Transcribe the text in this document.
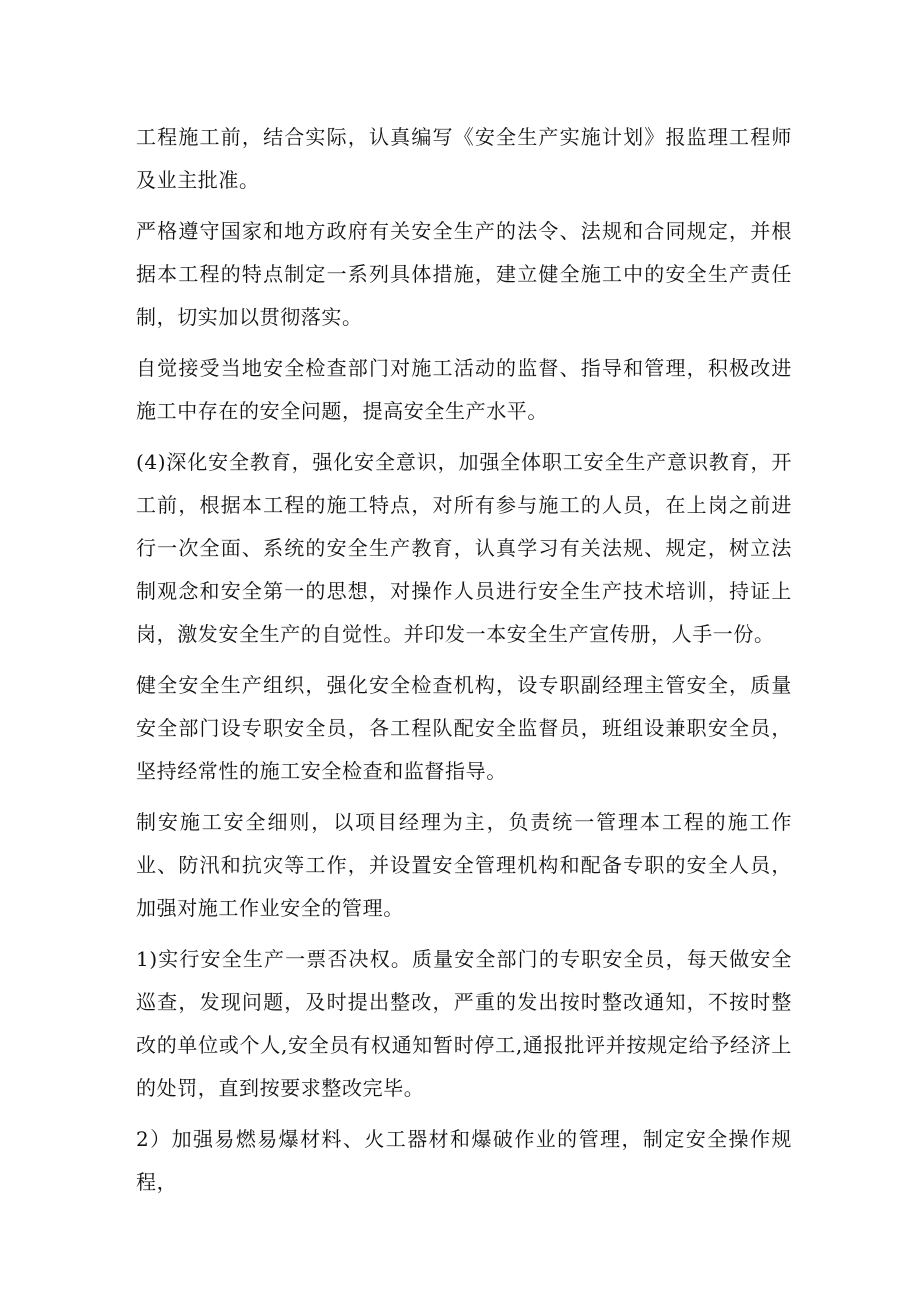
工程施工前，结合实际，认真编写《安全生产实施计划》报监理工程师及业主批准。

严格遵守国家和地方政府有关安全生产的法令、法规和合同规定，并根据本工程的特点制定一系列具体措施，建立健全施工中的安全生产责任制，切实加以贯彻落实。

自觉接受当地安全检查部门对施工活动的监督、指导和管理，积极改进施工中存在的安全问题，提高安全生产水平。

(4)深化安全教育，强化安全意识，加强全体职工安全生产意识教育，开工前，根据本工程的施工特点，对所有参与施工的人员，在上岗之前进行一次全面、系统的安全生产教育，认真学习有关法规、规定，树立法制观念和安全第一的思想，对操作人员进行安全生产技术培训，持证上岗，激发安全生产的自觉性。并印发一本安全生产宣传册，人手一份。

健全安全生产组织，强化安全检查机构，设专职副经理主管安全，质量安全部门设专职安全员，各工程队配安全监督员，班组设兼职安全员，坚持经常性的施工安全检查和监督指导。

制安施工安全细则，以项目经理为主，负责统一管理本工程的施工作业、防汛和抗灾等工作，并设置安全管理机构和配备专职的安全人员，加强对施工作业安全的管理。

1)实行安全生产一票否决权。质量安全部门的专职安全员，每天做安全巡查，发现问题，及时提出整改，严重的发出按时整改通知，不按时整改的单位或个人,安全员有权通知暂时停工,通报批评并按规定给予经济上的处罚，直到按要求整改完毕。

2）加强易燃易爆材料、火工器材和爆破作业的管理，制定安全操作规程，
